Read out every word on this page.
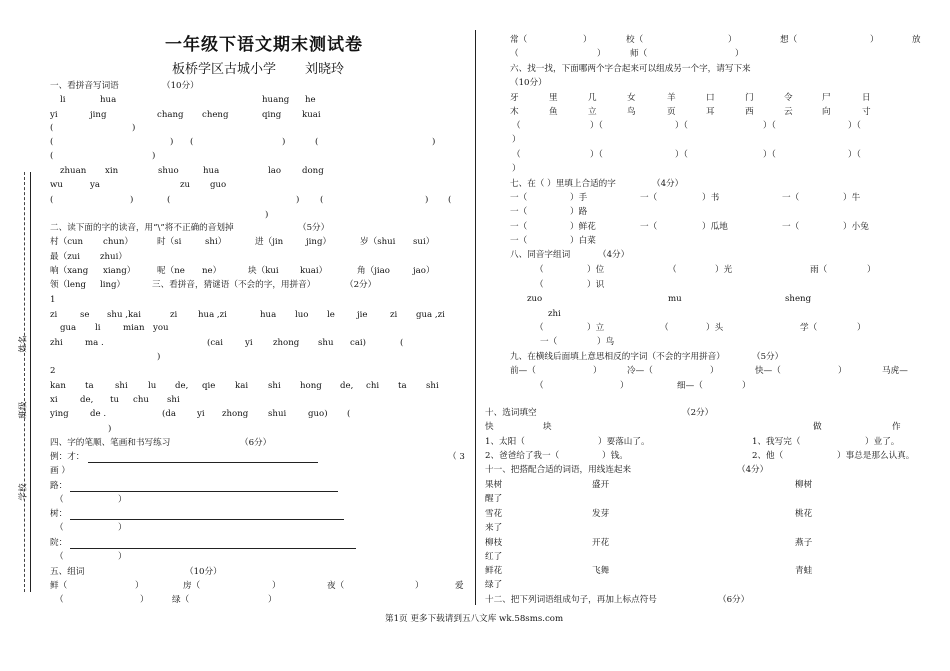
姓名
班级
学校
一年级下语文期末测试卷
板桥学区古城小学 刘晓玲
一、看拼音写词语	（10分）
li	hua	huang he
yi	jing	chang cheng	qing kuai
(	)
(	) (	)	(	)
(	)
zhuan xin	shuo	hua	lao dong
wu	ya	zu guo
(	)	(	) (	) (
)
二、读下面的字的读音，用“\”将不正确的音划掉	（5分）
村（cun chun）	时（si	shi）	进（jin	jing）	岁（shui sui）
最（zui zhui）
响（xang xiang）	呢（ne ne）	块（kui kuai）	角（jiao	jao）
领（leng ling）	三、看拼音，猜谜语（不会的字，用拼音）	（2分）
1
zi	se shu ,kai	zi hua ,zi	hua luo le	jie	zi gua ,zi
gua li	mian you
zhi	ma .	(cai	yi zhong shu cai)	(
)
2
kan ta shi lu de, qie kai shi hong de, chi ta shi
xi	de, tu chu shi
ying de .	(da yi zhong shui	guo) (
)
四、字的笔顺、笔画和书写练习	（6分）
例：才：	（ 3
画 ）
路：
（	）
树：
（	）
院：
（	）
五、组词	（10分）
鲜（	）	房（	）	夜（	）	爱
（	）	绿（	）
常（	）	校（	）	想（	）	放
（	）	师（	）
六、找一找，下面哪两个字合起来可以组成另一个字，请写下来
（10分）
牙	里	几	女	羊	口	门	令	尸	日
木	鱼	立	鸟	页	耳	西	云	向	寸
（	）（	）（	）（	）（
）
（	）（	）（	）（	）（
）
七、在（ ）里填上合适的字	（4分）
一（	）手	一（	）书	一（	）牛
一（	）路
一（	）鲜花	一（	）瓜地	一（	）小兔
一（	）白菜
八、同音字组词	（4分）
（	）位	（	）光	雨（	）
（	）识
zuo	mu	sheng
zhi
（	）立	（	）头	学（	）
一（	）鸟
九、在横线后面填上意思相反的字词（不会的字用拼音）	（5分）
前—（	）	冷—（	）	快—（	）	马虎—
（	）	细—（	）
十、选词填空	（2分）
快	块	做	作
1、太阳（	）要落山了。	1、我写完（	）业了。
2、爸爸给了我一（	）钱。	2、他（	）事总是那么认真。
十一、把搭配合适的词语，用线连起来	（4分）
果树	盛开	柳树
醒了
雪花	发芽	桃花
来了
柳枝	开花	燕子
红了
鲜花	飞舞	青蛙
绿了
十二、把下列词语组成句子，再加上标点符号	（6分）
第1页 更多下载请到五八文库 wk.58sms.com
